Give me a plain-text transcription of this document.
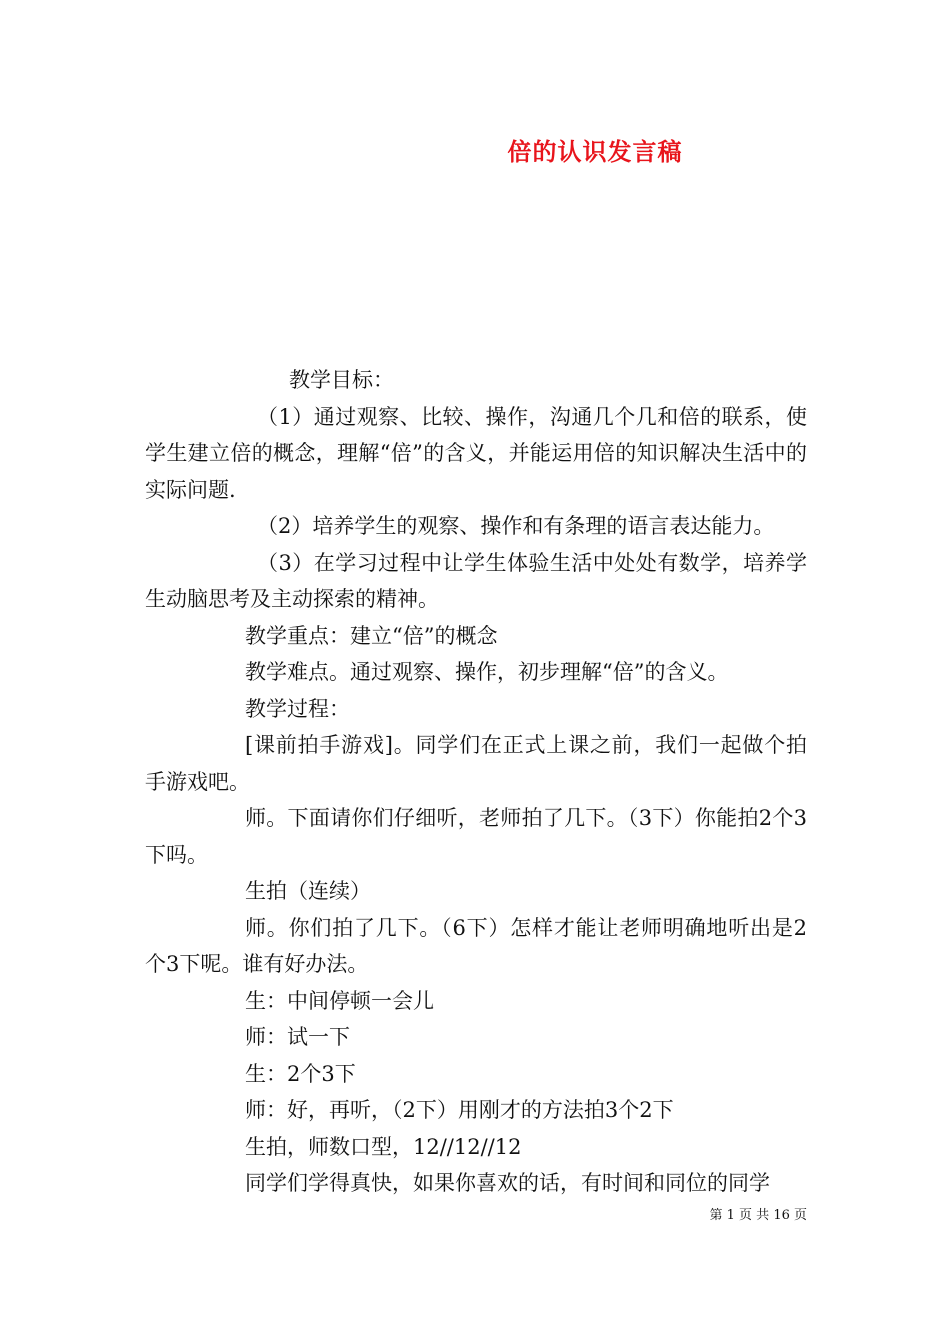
倍的认识发言稿

教学目标：

（1）通过观察、比较、操作，沟通几个几和倍的联系，使学生建立倍的概念，理解“倍”的含义，并能运用倍的知识解决生活中的实际问题.

（2）培养学生的观察、操作和有条理的语言表达能力。

（3）在学习过程中让学生体验生活中处处有数学，培养学生动脑思考及主动探索的精神。

教学重点：建立“倍”的概念

教学难点。通过观察、操作，初步理解“倍”的含义。

教学过程：

[课前拍手游戏]。同学们在正式上课之前，我们一起做个拍手游戏吧。

师。下面请你们仔细听，老师拍了几下。（3下）你能拍2个3下吗。

生拍（连续）

师。你们拍了几下。（6下）怎样才能让老师明确地听出是2个3下呢。谁有好办法。

生：中间停顿一会儿

师：试一下

生：2个3下

师：好，再听，（2下）用刚才的方法拍3个2下

生拍，师数口型，12//12//12

同学们学得真快，如果你喜欢的话，有时间和同位的同学

第 1 页 共 16 页
